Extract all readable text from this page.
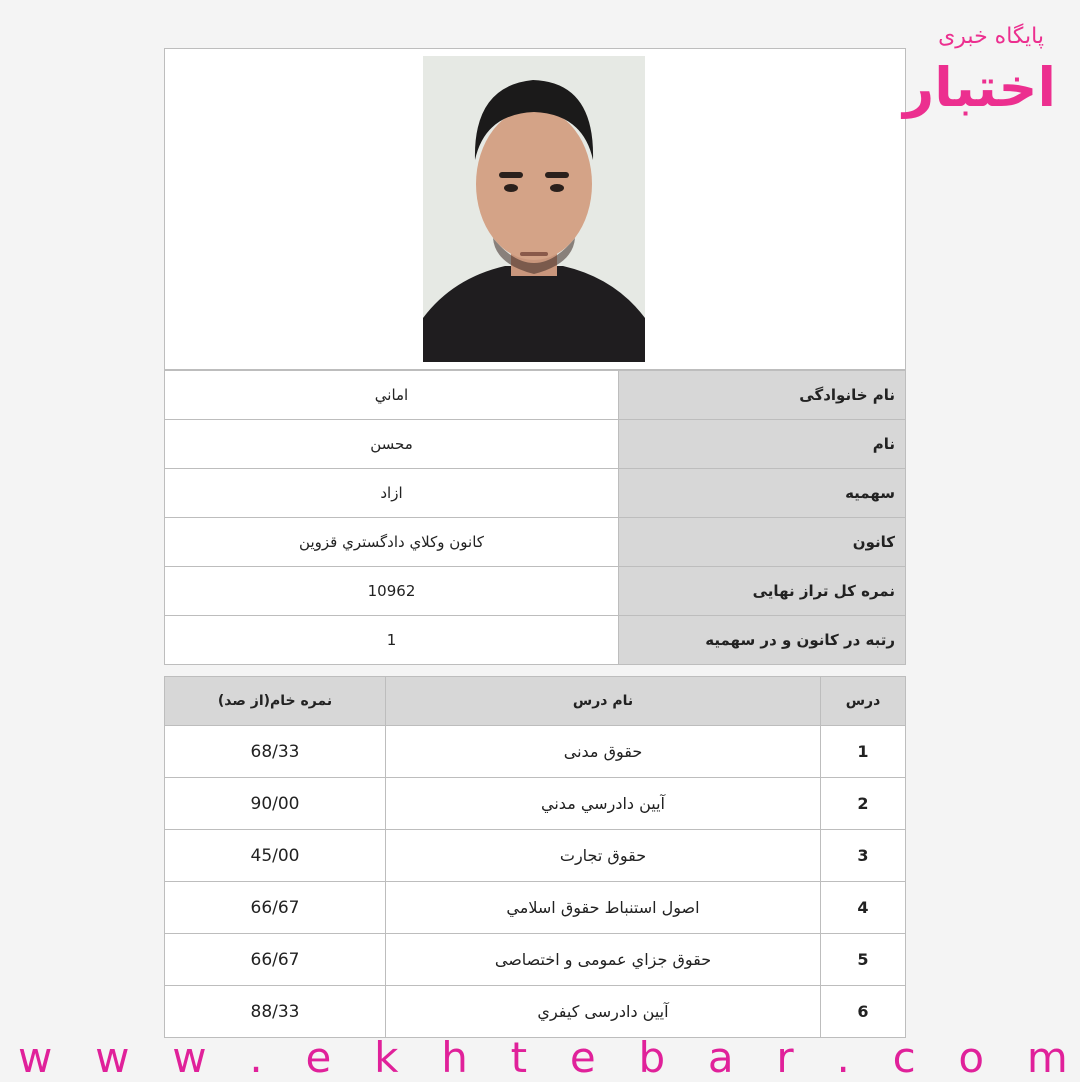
نام خانوادگی	اماني
نام	محسن
سهمیه	ازاد
کانون	كانون وكلاي دادگستري قزوين
نمره کل تراز نهایی	10962
رتبه در کانون و در سهمیه	1
درس	نام درس	نمره خام(از صد)
1	حقوق مدنی	68/33
2	آيين دادرسي مدني	90/00
3	حقوق تجارت	45/00
4	اصول استنباط حقوق اسلامي	66/67
5	حقوق جزاي عمومی و اختصاصی	66/67
6	آيين دادرسی کیفري	88/33
پایگاه خبری
اختبار
w w w . e k h t e b a r . c o m
